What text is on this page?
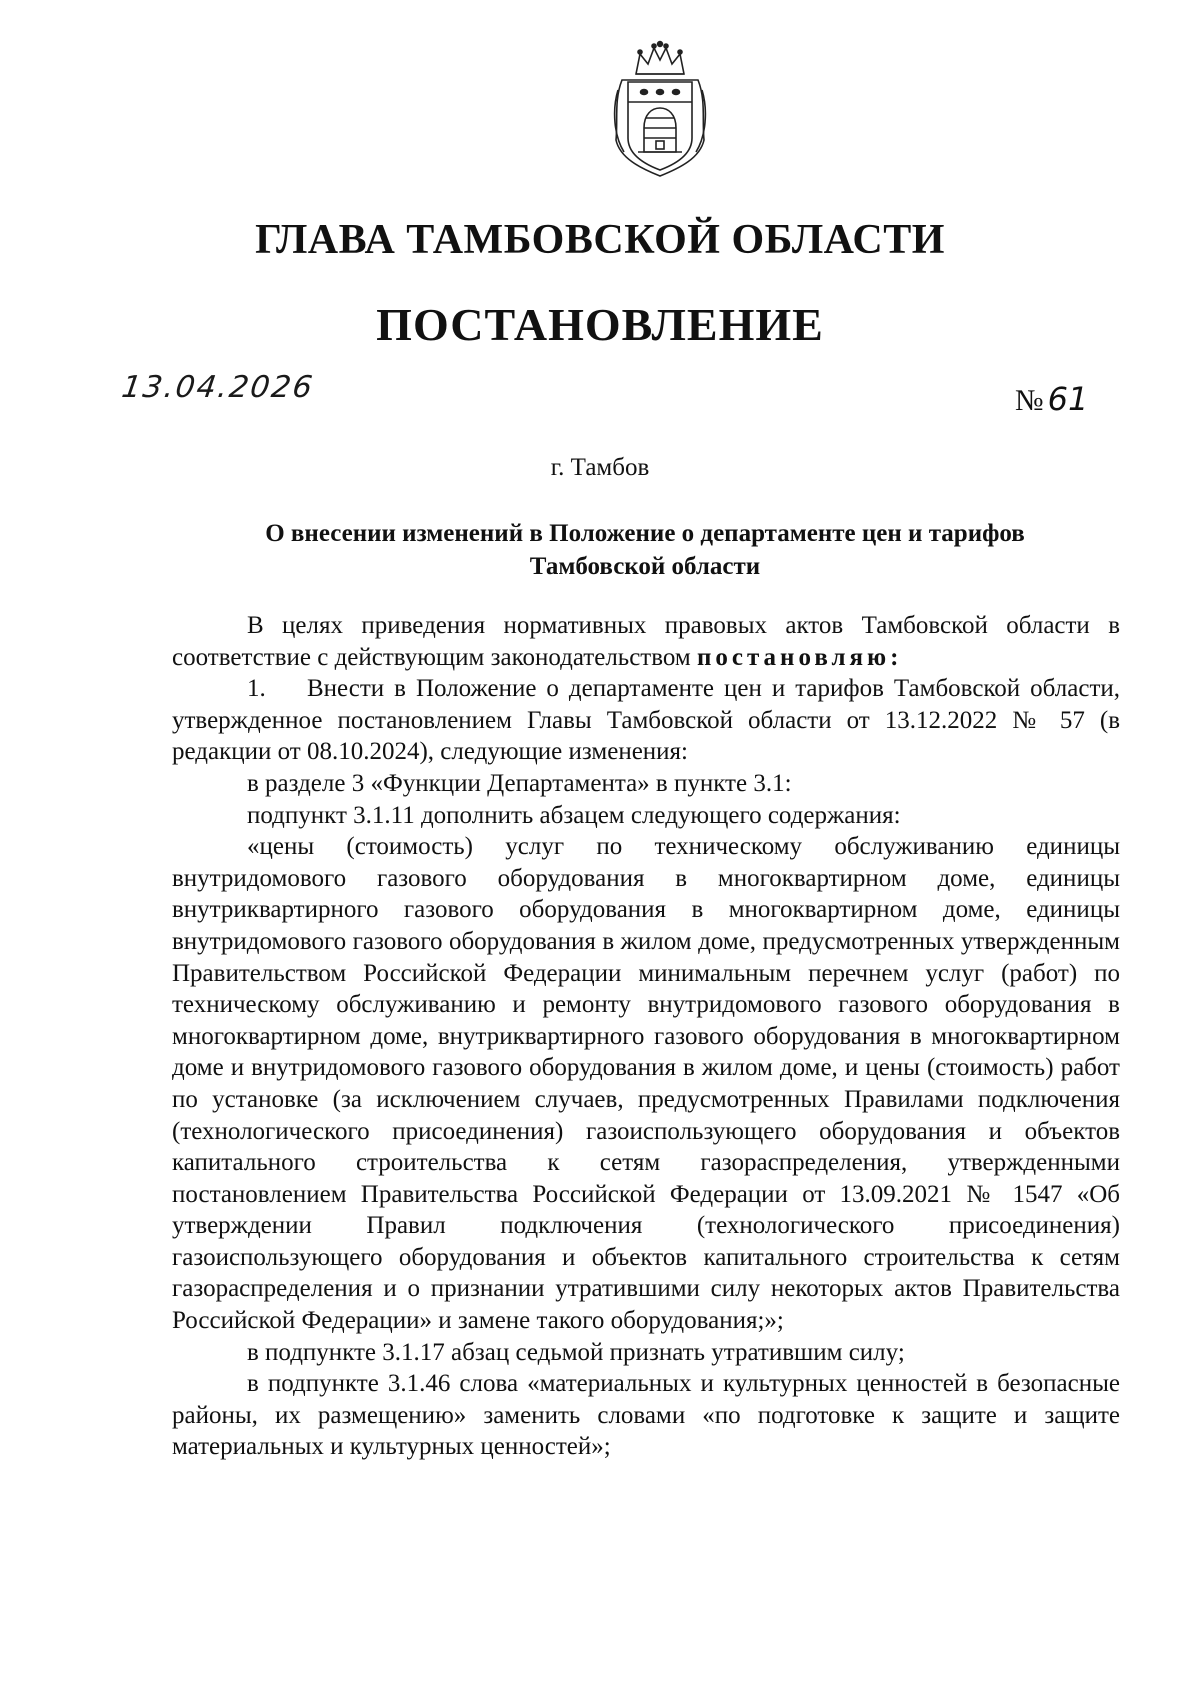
ГЛАВА ТАМБОВСКОЙ ОБЛАСТИ
ПОСТАНОВЛЕНИЕ
13.04.2026	№ 61
г. Тамбов
О внесении изменений в Положение о департаменте цен и тарифов
Тамбовской области

В целях приведения нормативных правовых актов Тамбовской области в соответствие с действующим законодательством постановляю:

1. Внести в Положение о департаменте цен и тарифов Тамбовской области, утвержденное постановлением Главы Тамбовской области от 13.12.2022 № 57 (в редакции от 08.10.2024), следующие изменения:

в разделе 3 «Функции Департамента» в пункте 3.1:

подпункт 3.1.11 дополнить абзацем следующего содержания:

«цены (стоимость) услуг по техническому обслуживанию единицы внутридомового газового оборудования в многоквартирном доме, единицы внутриквартирного газового оборудования в многоквартирном доме, единицы внутридомового газового оборудования в жилом доме, предусмотренных утвержденным Правительством Российской Федерации минимальным перечнем услуг (работ) по техническому обслуживанию и ремонту внутридомового газового оборудования в многоквартирном доме, внутриквартирного газового оборудования в многоквартирном доме и внутридомового газового оборудования в жилом доме, и цены (стоимость) работ по установке (за исключением случаев, предусмотренных Правилами подключения (технологического присоединения) газоиспользующего оборудования и объектов капитального строительства к сетям газораспределения, утвержденными постановлением Правительства Российской Федерации от 13.09.2021 № 1547 «Об утверждении Правил подключения (технологического присоединения) газоиспользующего оборудования и объектов капитального строительства к сетям газораспределения и о признании утратившими силу некоторых актов Правительства Российской Федерации» и замене такого оборудования;»;

в подпункте 3.1.17 абзац седьмой признать утратившим силу;

в подпункте 3.1.46 слова «материальных и культурных ценностей в безопасные районы, их размещению» заменить словами «по подготовке к защите и защите материальных и культурных ценностей»;
